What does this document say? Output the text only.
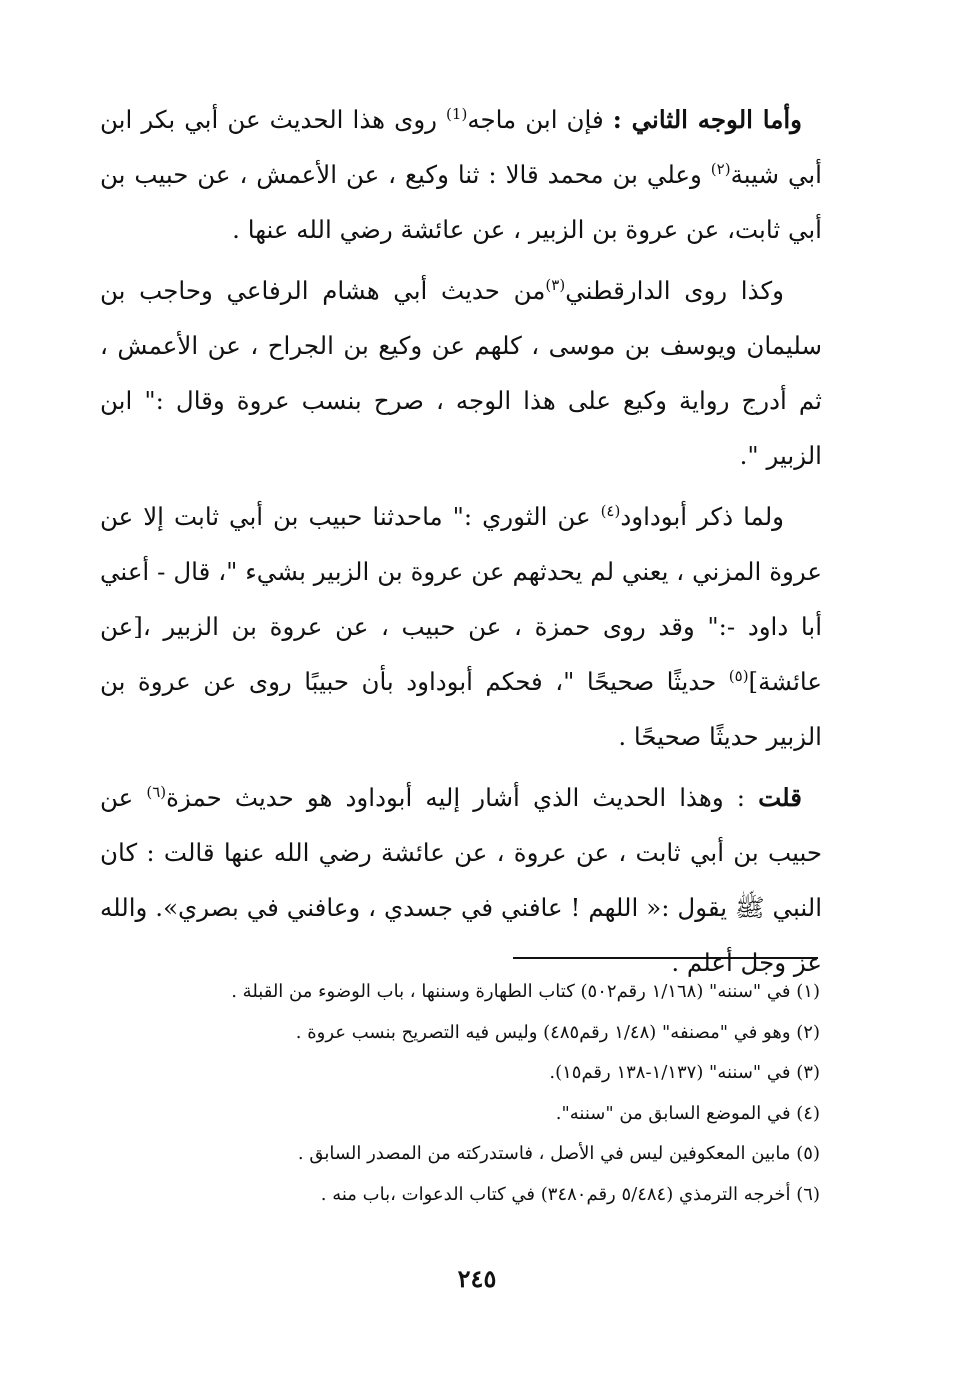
وأما الوجه الثاني : فإن ابن ماجه$^{(1)}$ روى هذا الحديث عن أبي بكر ابن أبي شيبة$^{(٢)}$ وعلي بن محمد قالا : ثنا وكيع ، عن الأعمش ، عن حبيب بن أبي ثابت، عن عروة بن الزبير ، عن عائشة رضي الله عنها .

وكذا روى الدارقطني$^{(٣)}$من حديث أبي هشام الرفاعي وحاجب بن سليمان ويوسف بن موسى ، كلهم عن وكيع بن الجراح ، عن الأعمش ، ثم أدرج رواية وكيع على هذا الوجه ، صرح بنسب عروة وقال :" ابن الزبير ".

ولما ذكر أبوداود$^{(٤)}$ عن الثوري :" ماحدثنا حبيب بن أبي ثابت إلا عن عروة المزني ، يعني لم يحدثهم عن عروة بن الزبير بشيء "، قال - أعني أبا داود -:" وقد روى حمزة ، عن حبيب ، عن عروة بن الزبير ،[عن عائشة]$^{(٥)}$ حديثًا صحيحًا "، فحكم أبوداود بأن حبيبًا روى عن عروة بن الزبير حديثًا صحيحًا .

قلت : وهذا الحديث الذي أشار إليه أبوداود هو حديث حمزة$^{(٦)}$ عن حبيب بن أبي ثابت ، عن عروة ، عن عائشة رضي الله عنها قالت : كان النبي ﷺ يقول :« اللهم ! عافني في جسدي ، وعافني في بصري». والله عز وجل أعلم .

(١) في "سننه" (١/١٦٨ رقم٥٠٢) كتاب الطهارة وسننها ، باب الوضوء من القبلة .
(٢) وهو في "مصنفه" (١/٤٨ رقم٤٨٥) وليس فيه التصريح بنسب عروة .
(٣) في "سننه" (١/١٣٧-١٣٨ رقم١٥).
(٤) في الموضع السابق من "سننه".
(٥) مابين المعكوفين ليس في الأصل ، فاستدركته من المصدر السابق .
(٦) أخرجه الترمذي (٥/٤٨٤ رقم٣٤٨٠) في كتاب الدعوات ،باب منه .
٢٤٥
